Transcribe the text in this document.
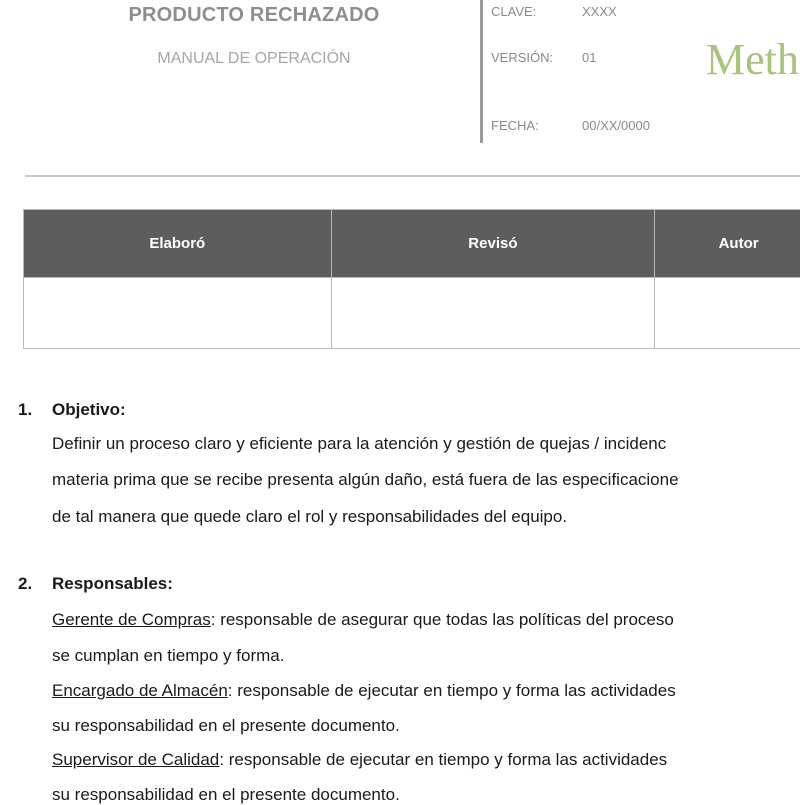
PRODUCTO RECHAZADO
MANUAL DE OPERACIÓN
CLAVE:	XXXX
VERSIÓN: 01
FECHA:	00/XX/0000
Meth
Elaboró	Revisó	Autor

1. Objetivo:
Definir un proceso claro y eficiente para la atención y gestión de quejas / incidenc
materia prima que se recibe presenta algún daño, está fuera de las especificacione
de tal manera que quede claro el rol y responsabilidades del equipo.
2. Responsables:
Gerente de Compras: responsable de asegurar que todas las políticas del proceso
se cumplan en tiempo y forma.
Encargado de Almacén: responsable de ejecutar en tiempo y forma las actividades
su responsabilidad en el presente documento.
Supervisor de Calidad: responsable de ejecutar en tiempo y forma las actividades
su responsabilidad en el presente documento.
